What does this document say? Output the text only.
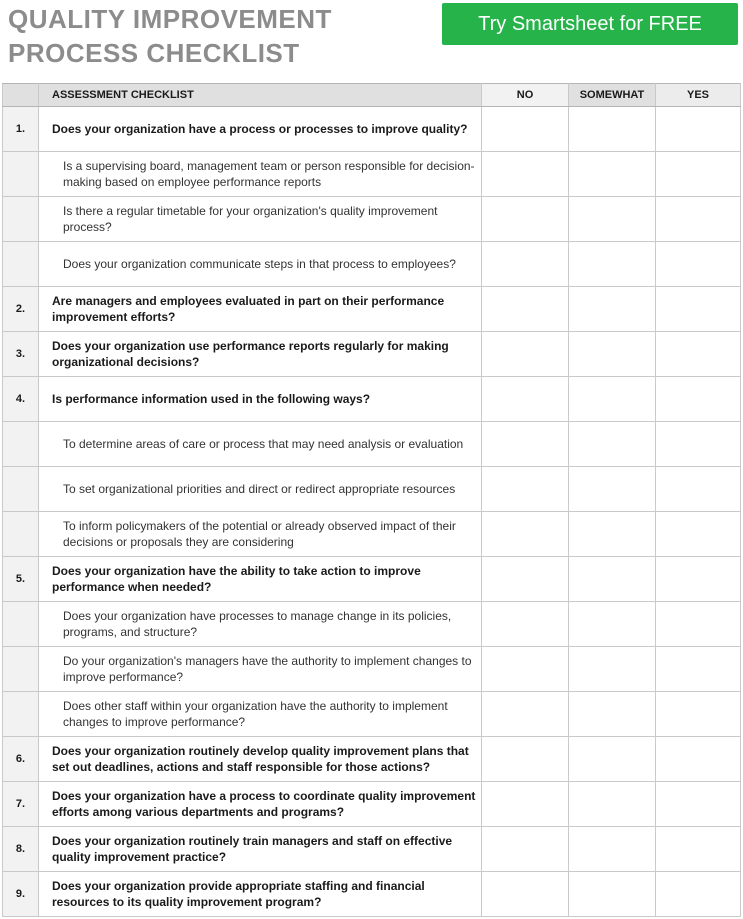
QUALITY IMPROVEMENT
PROCESS CHECKLIST
Try Smartsheet for FREE
	ASSESSMENT CHECKLIST	NO	SOMEWHAT	YES
1.	Does your organization have a process or processes to improve quality?			
	Is a supervising board, management team or person responsible for decision-making based on employee performance reports			
	Is there a regular timetable for your organization's quality improvement process?			
	Does your organization communicate steps in that process to employees?			
2.	Are managers and employees evaluated in part on their performance improvement efforts?			
3.	Does your organization use performance reports regularly for making organizational decisions?			
4.	Is performance information used in the following ways?			
	To determine areas of care or process that may need analysis or evaluation			
	To set organizational priorities and direct or redirect appropriate resources			
	To inform policymakers of the potential or already observed impact of their decisions or proposals they are considering			
5.	Does your organization have the ability to take action to improve performance when needed?			
	Does your organization have processes to manage change in its policies, programs, and structure?			
	Do your organization's managers have the authority to implement changes to improve performance?			
	Does other staff within your organization have the authority to implement changes to improve performance?			
6.	Does your organization routinely develop quality improvement plans that set out deadlines, actions and staff responsible for those actions?			
7.	Does your organization have a process to coordinate quality improvement efforts among various departments and programs?			
8.	Does your organization routinely train managers and staff on effective quality improvement practice?			
9.	Does your organization provide appropriate staffing and financial resources to its quality improvement program?			
